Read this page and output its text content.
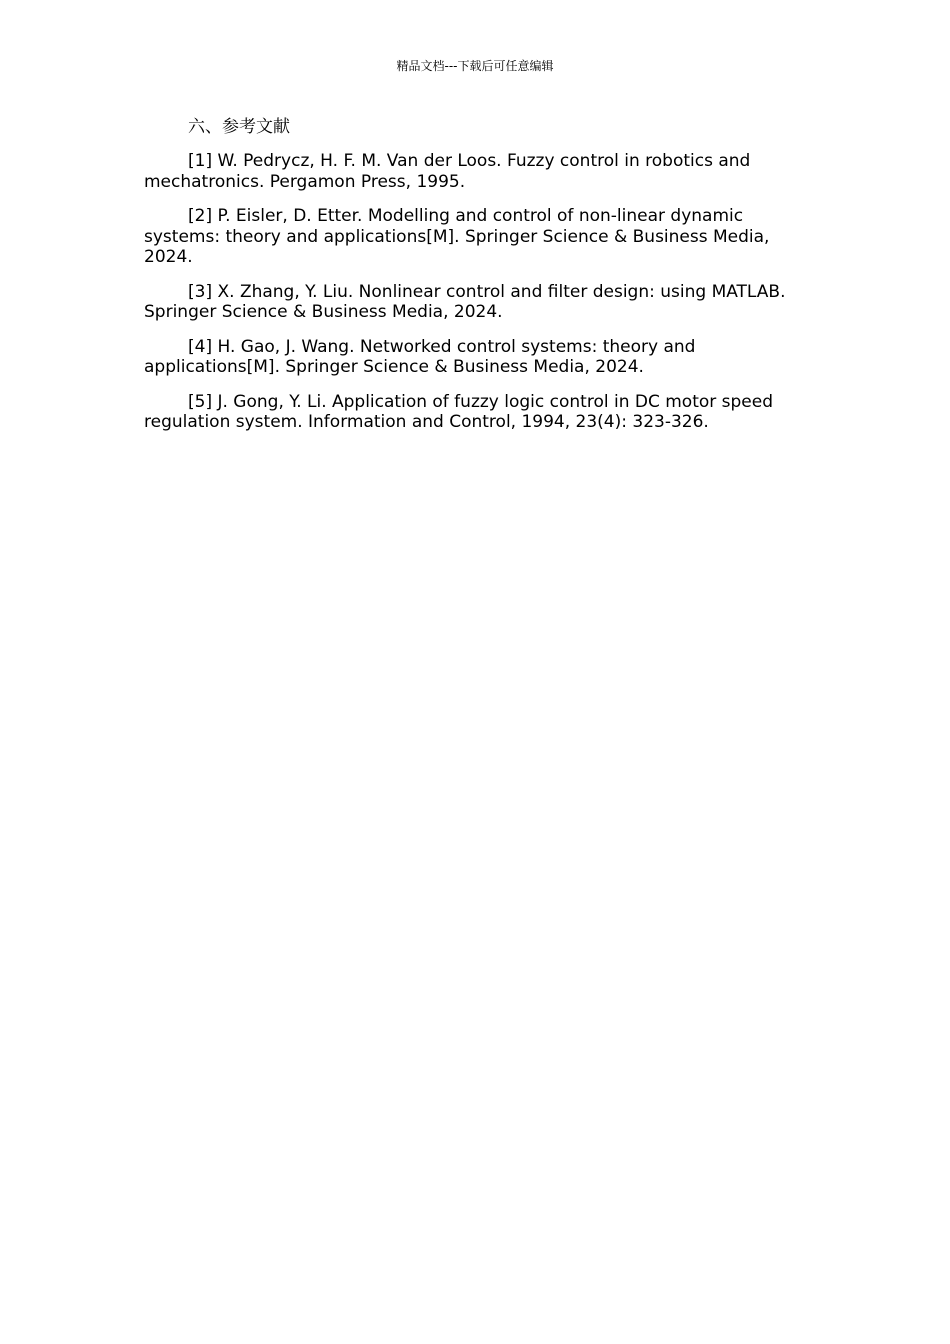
精品文档---下载后可任意编辑
六、参考文献

[1] W. Pedrycz, H. F. M. Van der Loos. Fuzzy control in robotics and mechatronics. Pergamon Press, 1995.

[2] P. Eisler, D. Etter. Modelling and control of non-linear dynamic systems: theory and applications[M]. Springer Science & Business Media, 2024.

[3] X. Zhang, Y. Liu. Nonlinear control and filter design: using MATLAB. Springer Science & Business Media, 2024.

[4] H. Gao, J. Wang. Networked control systems: theory and applications[M]. Springer Science & Business Media, 2024.

[5] J. Gong, Y. Li. Application of fuzzy logic control in DC motor speed regulation system. Information and Control, 1994, 23(4): 323-326.
